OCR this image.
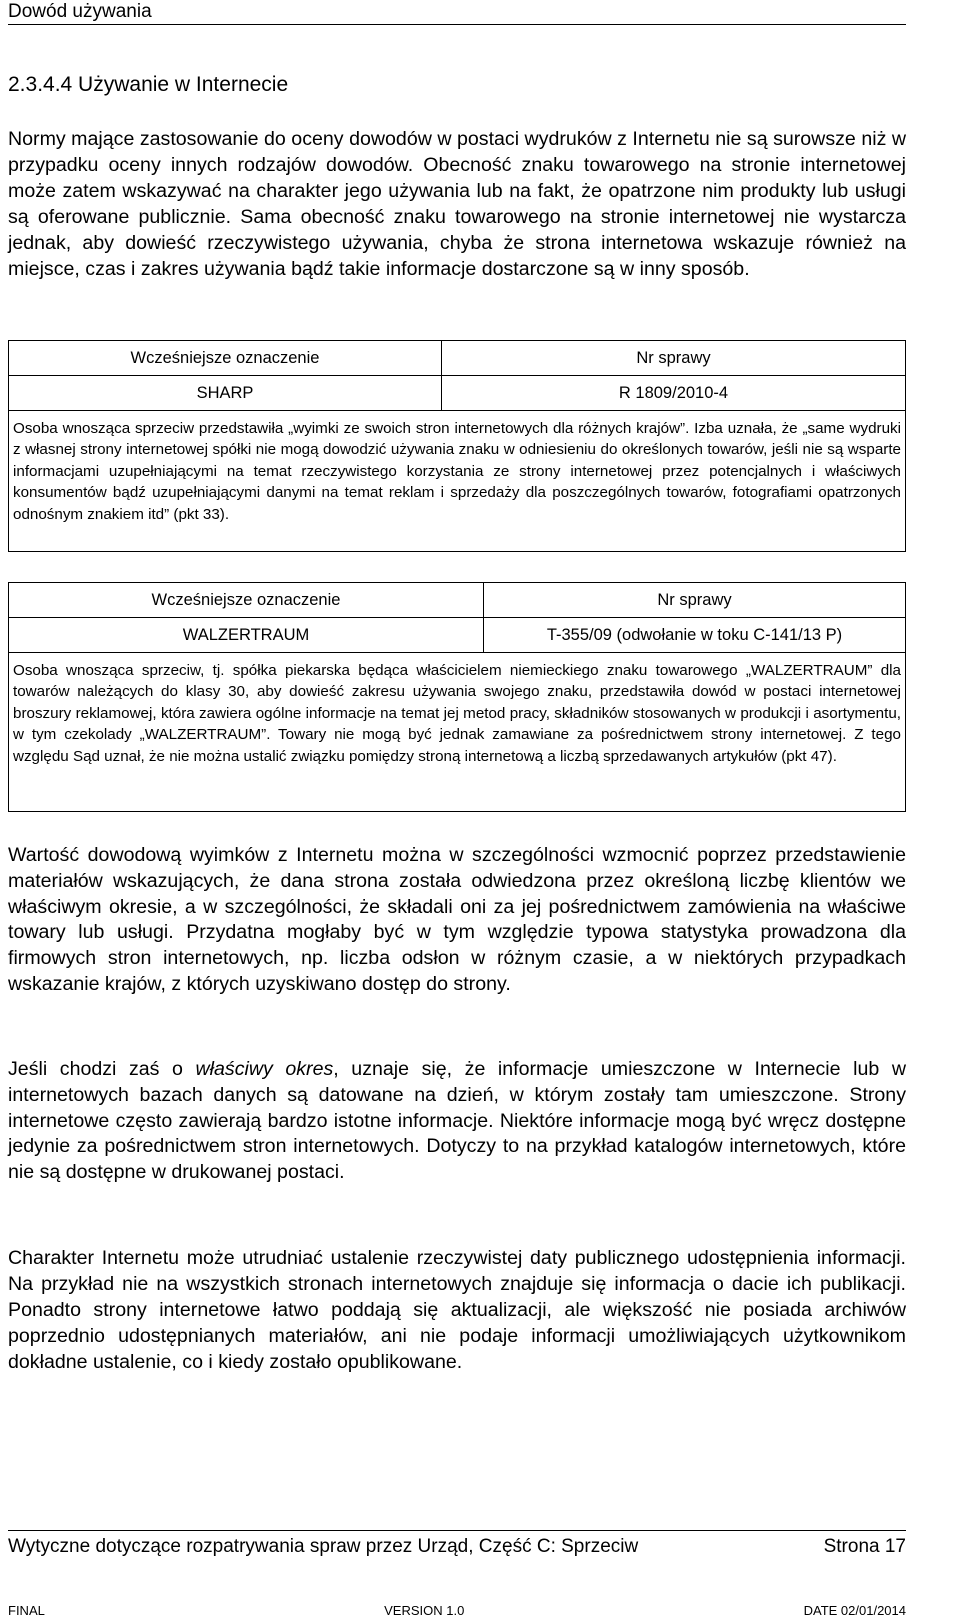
Dowód używania
2.3.4.4 Używanie w Internecie

Normy mające zastosowanie do oceny dowodów w postaci wydruków z Internetu nie są surowsze niż w przypadku oceny innych rodzajów dowodów. Obecność znaku towarowego na stronie internetowej może zatem wskazywać na charakter jego używania lub na fakt, że opatrzone nim produkty lub usługi są oferowane publicznie. Sama obecność znaku towarowego na stronie internetowej nie wystarcza jednak, aby dowieść rzeczywistego używania, chyba że strona internetowa wskazuje również na miejsce, czas i zakres używania bądź takie informacje dostarczone są w inny sposób.

Wcześniejsze oznaczenie	Nr sprawy
SHARP	R 1809/2010-4
Osoba wnosząca sprzeciw przedstawiła „wyimki ze swoich stron internetowych dla różnych krajów”. Izba uznała, że „same wydruki z własnej strony internetowej spółki nie mogą dowodzić używania znaku w odniesieniu do określonych towarów, jeśli nie są wsparte informacjami uzupełniającymi na temat rzeczywistego korzystania ze strony internetowej przez potencjalnych i właściwych konsumentów bądź uzupełniającymi danymi na temat reklam i sprzedaży dla poszczególnych towarów, fotografiami opatrzonych odnośnym znakiem itd” (pkt 33).
Wcześniejsze oznaczenie	Nr sprawy
WALZERTRAUM	T-355/09 (odwołanie w toku C-141/13 P)
Osoba wnosząca sprzeciw, tj. spółka piekarska będąca właścicielem niemieckiego znaku towarowego „WALZERTRAUM” dla towarów należących do klasy 30, aby dowieść zakresu używania swojego znaku, przedstawiła dowód w postaci internetowej broszury reklamowej, która zawiera ogólne informacje na temat jej metod pracy, składników stosowanych w produkcji i asortymentu, w tym czekolady „WALZERTRAUM”. Towary nie mogą być jednak zamawiane za pośrednictwem strony internetowej. Z tego względu Sąd uznał, że nie można ustalić związku pomiędzy stroną internetową a liczbą sprzedawanych artykułów (pkt 47).

Wartość dowodową wyimków z Internetu można w szczególności wzmocnić poprzez przedstawienie materiałów wskazujących, że dana strona została odwiedzona przez określoną liczbę klientów we właściwym okresie, a w szczególności, że składali oni za jej pośrednictwem zamówienia na właściwe towary lub usługi. Przydatna mogłaby być w tym względzie typowa statystyka prowadzona dla firmowych stron internetowych, np. liczba odsłon w różnym czasie, a w niektórych przypadkach wskazanie krajów, z których uzyskiwano dostęp do strony.

Jeśli chodzi zaś o właściwy okres, uznaje się, że informacje umieszczone w Internecie lub w internetowych bazach danych są datowane na dzień, w którym zostały tam umieszczone. Strony internetowe często zawierają bardzo istotne informacje. Niektóre informacje mogą być wręcz dostępne jedynie za pośrednictwem stron internetowych. Dotyczy to na przykład katalogów internetowych, które nie są dostępne w drukowanej postaci.

Charakter Internetu może utrudniać ustalenie rzeczywistej daty publicznego udostępnienia informacji. Na przykład nie na wszystkich stronach internetowych znajduje się informacja o dacie ich publikacji. Ponadto strony internetowe łatwo poddają się aktualizacji, ale większość nie posiada archiwów poprzednio udostępnianych materiałów, ani nie podaje informacji umożliwiających użytkownikom dokładne ustalenie, co i kiedy zostało opublikowane.

Wytyczne dotyczące rozpatrywania spraw przez Urząd, Część C: Sprzeciw	Strona 17
FINAL	VERSION 1.0	DATE 02/01/2014
